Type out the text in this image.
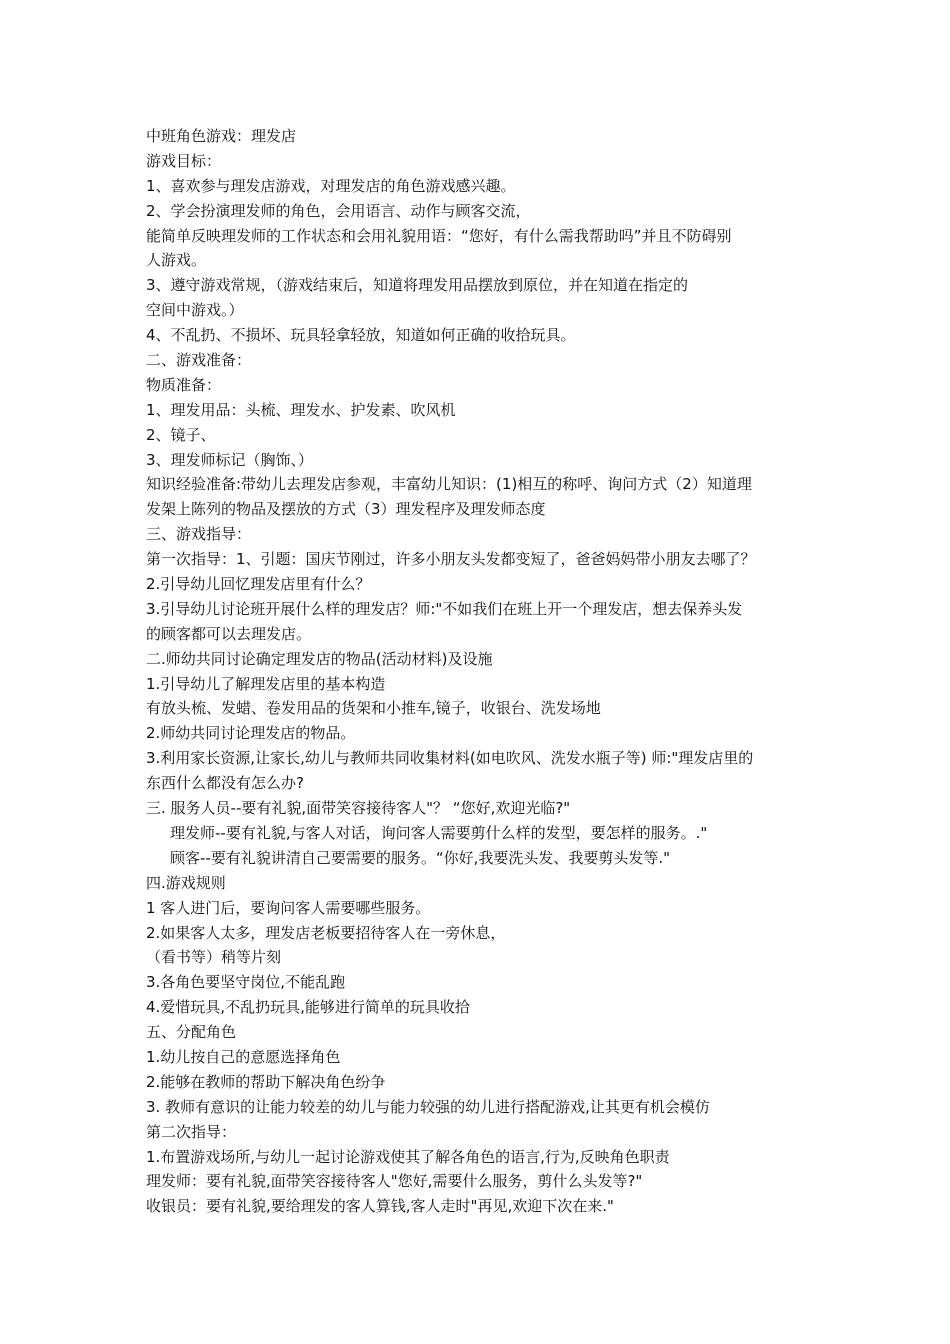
中班角色游戏：理发店
游戏目标：
1、喜欢参与理发店游戏，对理发店的角色游戏感兴趣。
2、学会扮演理发师的角色，会用语言、动作与顾客交流，
能简单反映理发师的工作状态和会用礼貌用语：“您好，有什么需我帮助吗”并且不防碍别
人游戏。
3、遵守游戏常规，（游戏结束后，知道将理发用品摆放到原位，并在知道在指定的
空间中游戏。）
4、不乱扔、不损坏、玩具轻拿轻放，知道如何正确的收拾玩具。
二、游戏准备：
物质准备：
1、理发用品：头梳、理发水、护发素、吹风机
2、镜子、
3、理发师标记（胸饰、）
知识经验准备:带幼儿去理发店参观，丰富幼儿知识：(1)相互的称呼、询问方式（2）知道理
发架上陈列的物品及摆放的方式（3）理发程序及理发师态度
三、游戏指导：
第一次指导：1、引题：国庆节刚过，许多小朋友头发都变短了，爸爸妈妈带小朋友去哪了？
2.引导幼儿回忆理发店里有什么？
3.引导幼儿讨论班开展什么样的理发店？师:"不如我们在班上开一个理发店，想去保养头发
的顾客都可以去理发店。
二.师幼共同讨论确定理发店的物品(活动材料)及设施
1.引导幼儿了解理发店里的基本构造
有放头梳、发蜡、卷发用品的货架和小推车,镜子，收银台、洗发场地
2.师幼共同讨论理发店的物品。
3.利用家长资源,让家长,幼儿与教师共同收集材料(如电吹风、洗发水瓶子等) 师:"理发店里的
东西什么都没有怎么办?
三. 服务人员--要有礼貌,面带笑容接待客人"？ “您好,欢迎光临?"
理发师--要有礼貌,与客人对话，询问客人需要剪什么样的发型，要怎样的服务。."
顾客--要有礼貌讲清自己要需要的服务。“你好,我要洗头发、我要剪头发等."
四.游戏规则
1 客人进门后，要询问客人需要哪些服务。
2.如果客人太多，理发店老板要招待客人在一旁休息，
（看书等）稍等片刻
3.各角色要坚守岗位,不能乱跑
4.爱惜玩具,不乱扔玩具,能够进行简单的玩具收拾
五、分配角色
1.幼儿按自己的意愿选择角色
2.能够在教师的帮助下解决角色纷争
3. 教师有意识的让能力较差的幼儿与能力较强的幼儿进行搭配游戏,让其更有机会模仿
第二次指导：
1.布置游戏场所,与幼儿一起讨论游戏使其了解各角色的语言,行为,反映角色职责
理发师：要有礼貌,面带笑容接待客人"您好,需要什么服务，剪什么头发等?"
收银员：要有礼貌,要给理发的客人算钱,客人走时"再见,欢迎下次在来."
